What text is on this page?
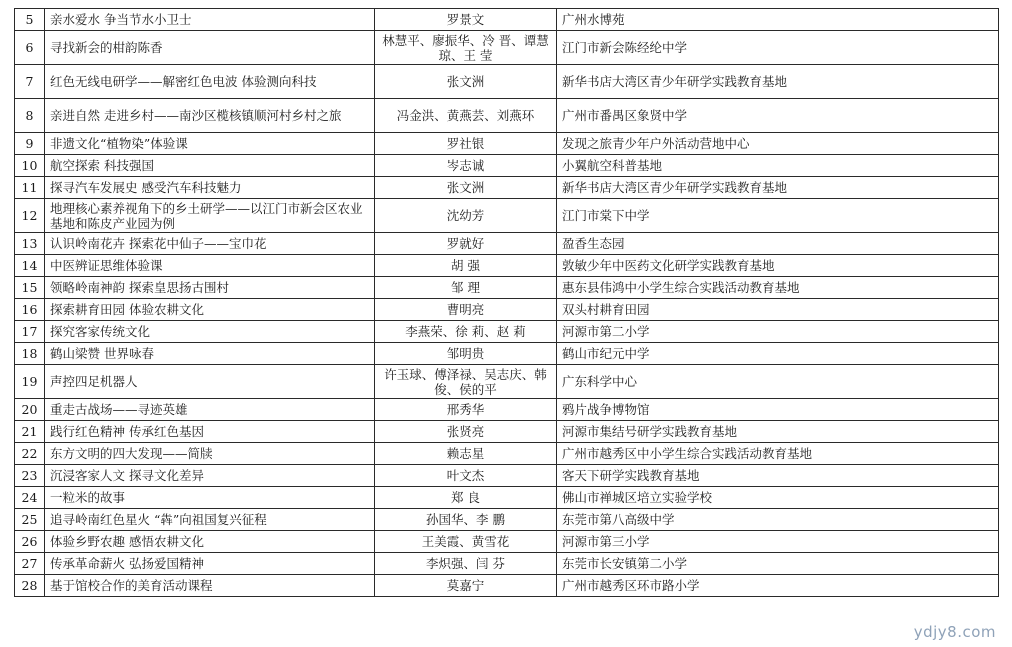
5	亲水爱水 争当节水小卫士	罗景文	广州水博苑
6	寻找新会的柑韵陈香	林慧平、廖振华、冷 晋、谭慧琼、王 莹	江门市新会陈经纶中学
7	红色无线电研学——解密红色电波 体验测向科技	张文洲	新华书店大湾区青少年研学实践教育基地
8	亲进自然 走进乡村——南沙区榄核镇顺河村乡村之旅	冯金洪、黄燕芸、刘燕环	广州市番禺区象贤中学
9	非遗文化“植物染”体验课	罗社银	发现之旅青少年户外活动营地中心
10	航空探索 科技强国	岑志诚	小翼航空科普基地
11	探寻汽车发展史 感受汽车科技魅力	张文洲	新华书店大湾区青少年研学实践教育基地
12	地理核心素养视角下的乡土研学——以江门市新会区农业基地和陈皮产业园为例	沈幼芳	江门市棠下中学
13	认识岭南花卉 探索花中仙子——宝巾花	罗就好	盈香生态园
14	中医辨证思维体验课	胡 强	敦敏少年中医药文化研学实践教育基地
15	领略岭南神韵 探索皇思扬古围村	邹 理	惠东县伟鸿中小学生综合实践活动教育基地
16	探索耕育田园 体验农耕文化	曹明亮	双头村耕育田园
17	探究客家传统文化	李燕荣、徐 莉、赵 莉	河源市第二小学
18	鹤山梁赞 世界咏春	邹明贵	鹤山市纪元中学
19	声控四足机器人	许玉球、傅泽禄、吴志庆、韩 俊、侯的平	广东科学中心
20	重走古战场——寻迹英雄	邢秀华	鸦片战争博物馆
21	践行红色精神 传承红色基因	张贤亮	河源市集结号研学实践教育基地
22	东方文明的四大发现——简牍	赖志星	广州市越秀区中小学生综合实践活动教育基地
23	沉浸客家人文 探寻文化差异	叶文杰	客天下研学实践教育基地
24	一粒米的故事	郑 良	佛山市禅城区培立实验学校
25	追寻岭南红色星火 “犇”向祖国复兴征程	孙国华、李 鹏	东莞市第八高级中学
26	体验乡野农趣 感悟农耕文化	王美霞、黄雪花	河源市第三小学
27	传承革命薪火 弘扬爱国精神	李炽强、闫 芬	东莞市长安镇第二小学
28	基于馆校合作的美育活动课程	莫嘉宁	广州市越秀区环市路小学
ydjy8.com
